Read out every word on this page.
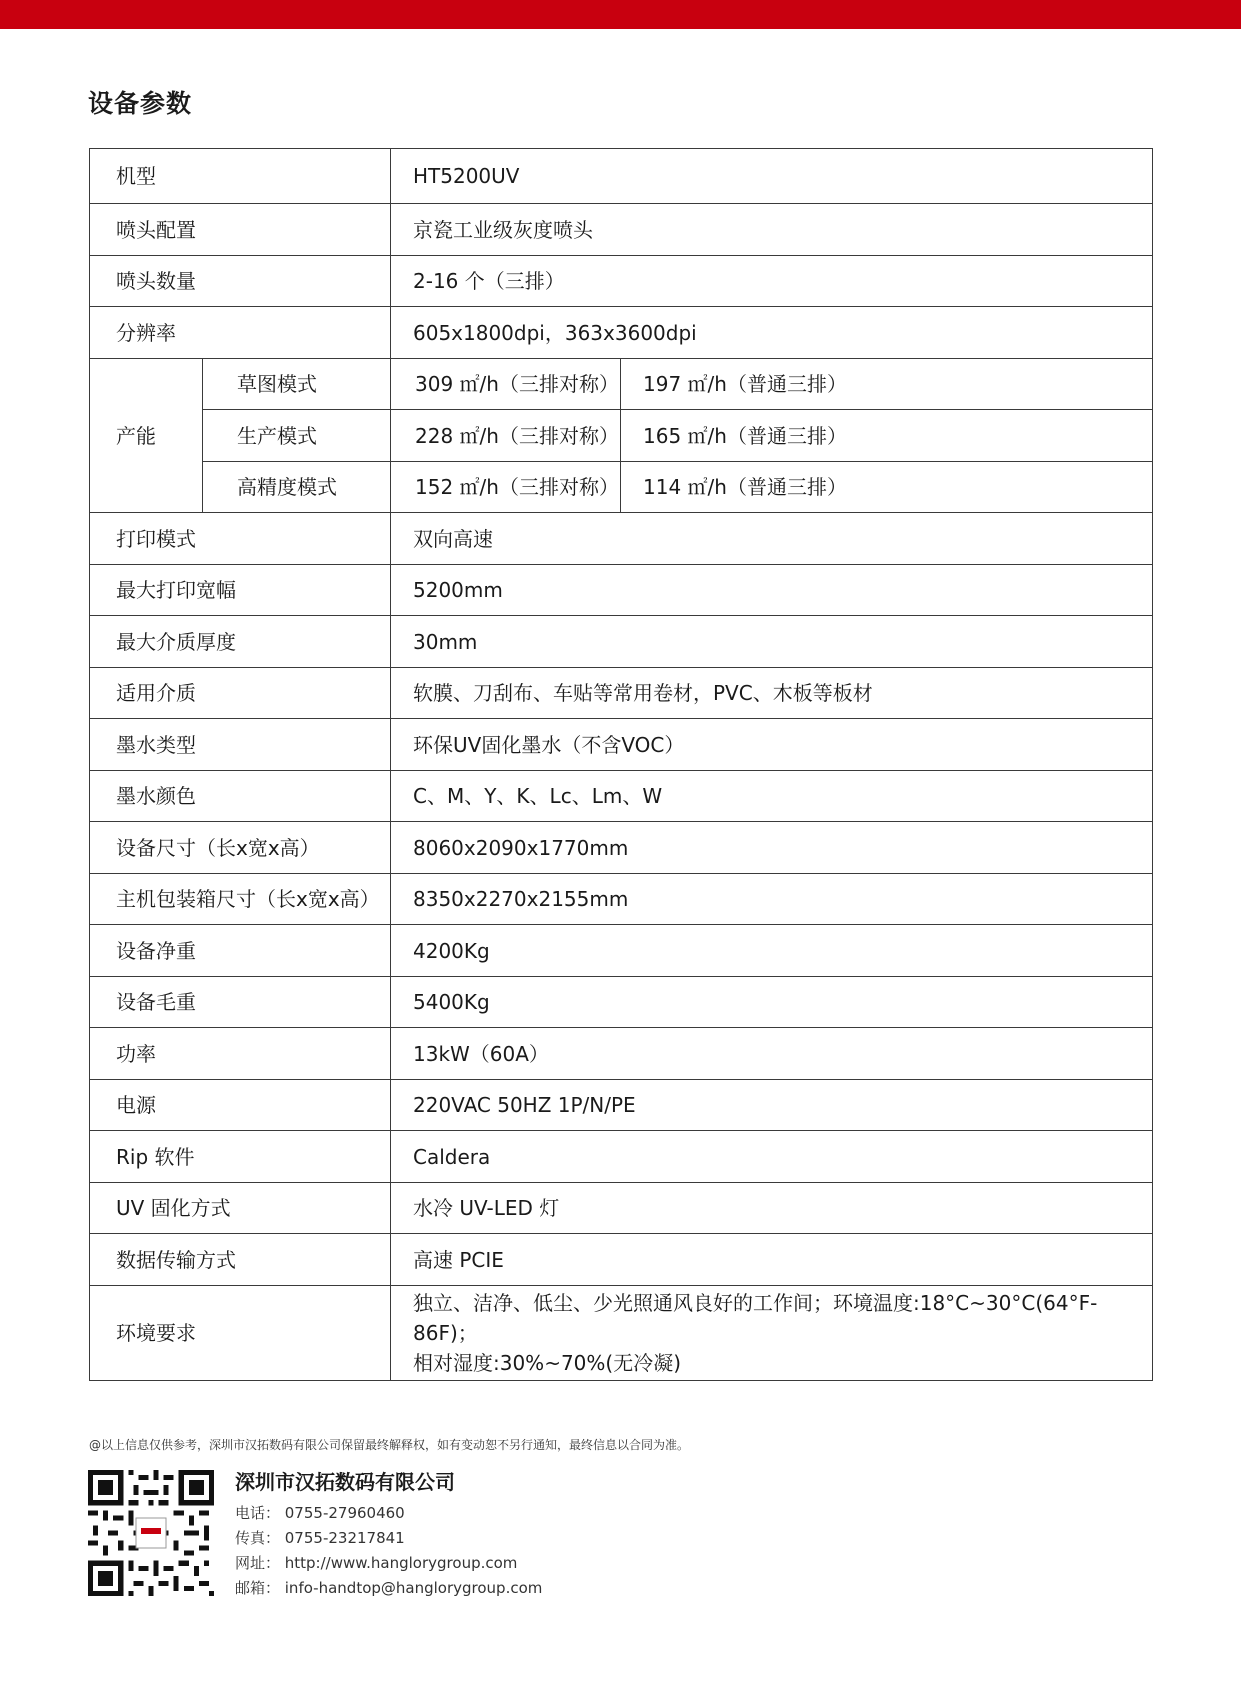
设备参数
机型		HT5200UV	
喷头配置		京瓷工业级灰度喷头	
喷头数量		2-16 个（三排）	
分辨率		605x1800dpi，363x3600dpi	
产能	草图模式	309 ㎡/h（三排对称）	197 ㎡/h（普通三排）
	生产模式	228 ㎡/h（三排对称）	165 ㎡/h（普通三排）
	高精度模式	152 ㎡/h（三排对称）	114 ㎡/h（普通三排）
打印模式		双向高速	
最大打印宽幅		5200mm	
最大介质厚度		30mm	
适用介质		软膜、刀刮布、车贴等常用卷材，PVC、木板等板材	
墨水类型		环保UV固化墨水（不含VOC）	
墨水颜色		C、M、Y、K、Lc、Lm、W	
设备尺寸（长x宽x高）		8060x2090x1770mm	
主机包装箱尺寸（长x宽x高）		8350x2270x2155mm	
设备净重		4200Kg	
设备毛重		5400Kg	
功率		13kW（60A）	
电源		220VAC 50HZ 1P/N/PE	
Rip 软件		Caldera	
UV 固化方式		水冷 UV-LED 灯	
数据传输方式		高速 PCIE	
环境要求		独立、洁净、低尘、少光照通风良好的工作间；环境温度:18°C~30°C(64°F-86F)；
相对湿度:30%~70%(无冷凝)	
@以上信息仅供参考，深圳市汉拓数码有限公司保留最终解释权，如有变动恕不另行通知，最终信息以合同为准。
深圳市汉拓数码有限公司
电话： 0755-27960460
传真： 0755-23217841
网址： http://www.hanglorygroup.com
邮箱： info-handtop@hanglorygroup.com
